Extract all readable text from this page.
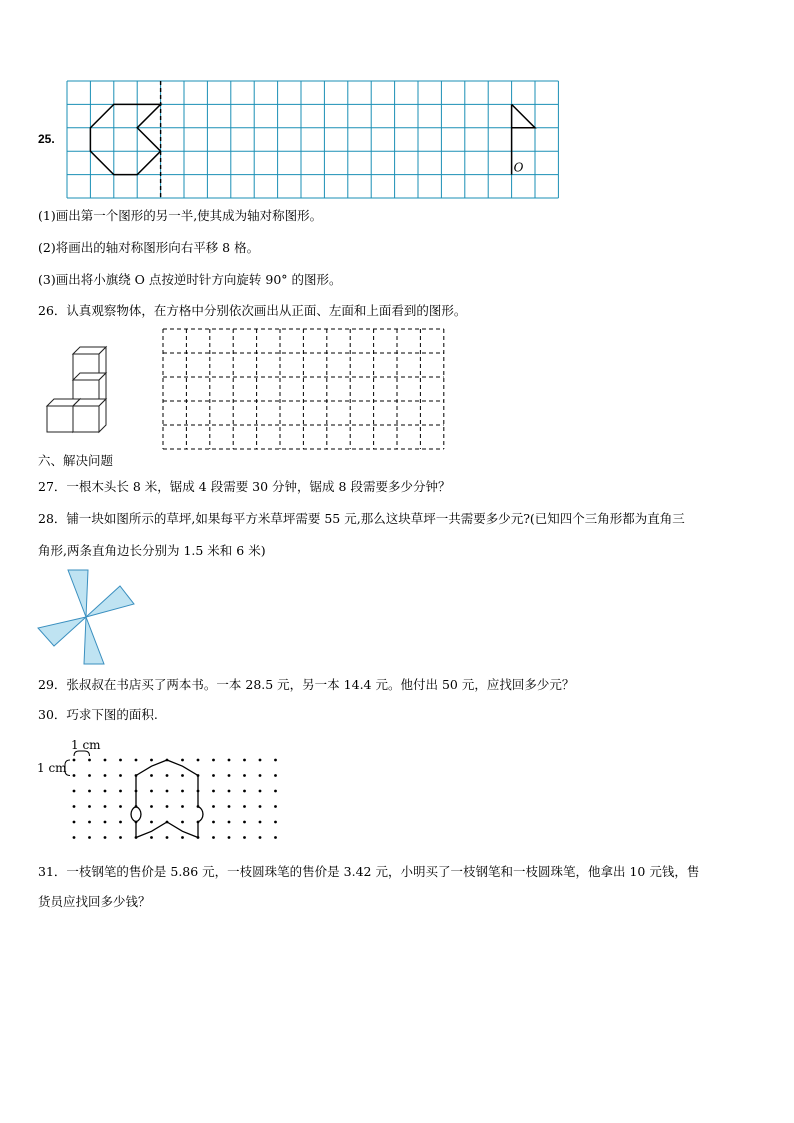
25.
O
(1)画出第一个图形的另一半,使其成为轴对称图形。
(2)将画出的轴对称图形向右平移 8 格。
(3)画出将小旗绕 O 点按逆时针方向旋转 90° 的图形。
26．认真观察物体，在方格中分别依次画出从正面、左面和上面看到的图形。
六、解决问题
27．一根木头长 8 米，锯成 4 段需要 30 分钟，锯成 8 段需要多少分钟？
28．铺一块如图所示的草坪,如果每平方米草坪需要 55 元,那么这块草坪一共需要多少元?(已知四个三角形都为直角三
角形,两条直角边长分别为 1.5 米和 6 米)
29．张叔叔在书店买了两本书。一本 28.5 元，另一本 14.4 元。他付出 50 元，应找回多少元？
30．巧求下图的面积.
1 cm
1 cm
31．一枝钢笔的售价是 5.86 元，一枝圆珠笔的售价是 3.42 元，小明买了一枝钢笔和一枝圆珠笔，他拿出 10 元钱，售
货员应找回多少钱？
